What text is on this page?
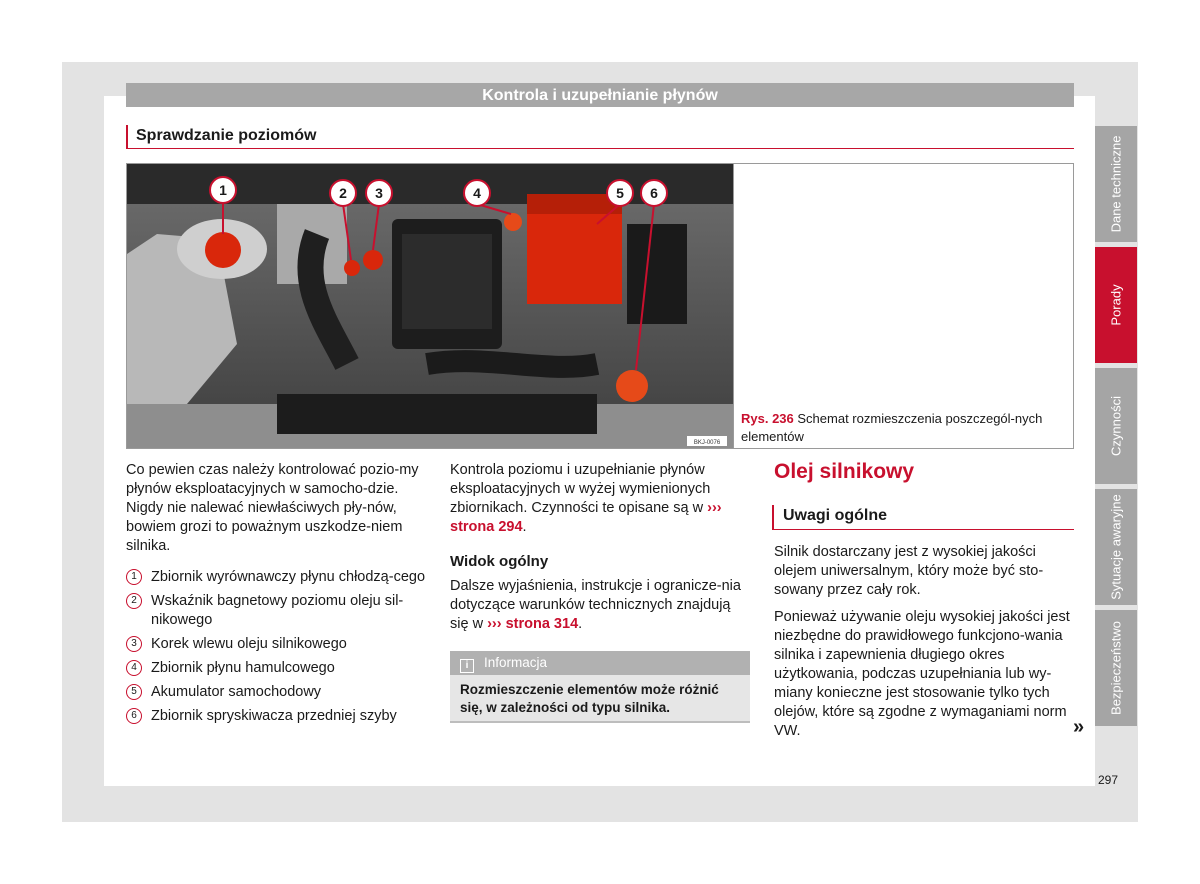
Kontrola i uzupełnianie płynów
Sprawdzanie poziomów
1	2 3	4	5 6
BKJ-0076
Rys. 236 Schemat rozmieszczenia poszczegól-nych elementów

Co pewien czas należy kontrolować pozio-my płynów eksploatacyjnych w samocho-dzie. Nigdy nie nalewać niewłaściwych pły-nów, bowiem grozi to poważnym uszkodze-niem silnika.

1 Zbiornik wyrównawczy płynu chłodzą-cego
2 Wskaźnik bagnetowy poziomu oleju sil-nikowego
3 Korek wlewu oleju silnikowego
4 Zbiornik płynu hamulcowego
5 Akumulator samochodowy
6 Zbiornik spryskiwacza przedniej szyby

Kontrola poziomu i uzupełnianie płynów eksploatacyjnych w wyżej wymienionych zbiornikach. Czynności te opisane są w ››› strona 294.

Widok ogólny

Dalsze wyjaśnienia, instrukcje i ogranicze-nia dotyczące warunków technicznych znajdują się w ››› strona 314.

i Informacja
Rozmieszczenie elementów może różnić się, w zależności od typu silnika.
Olej silnikowy
Uwagi ogólne

Silnik dostarczany jest z wysokiej jakości olejem uniwersalnym, który może być sto-sowany przez cały rok.

Ponieważ używanie oleju wysokiej jakości jest niezbędne do prawidłowego funkcjono-wania silnika i zapewnienia długiego okres użytkowania, podczas uzupełniania lub wy-miany konieczne jest stosowanie tylko tych olejów, które są zgodne z wymaganiami norm VW.	»
Dane techniczne
Porady
Czynności
Sytuacje awaryjne
Bezpieczeństwo
297
